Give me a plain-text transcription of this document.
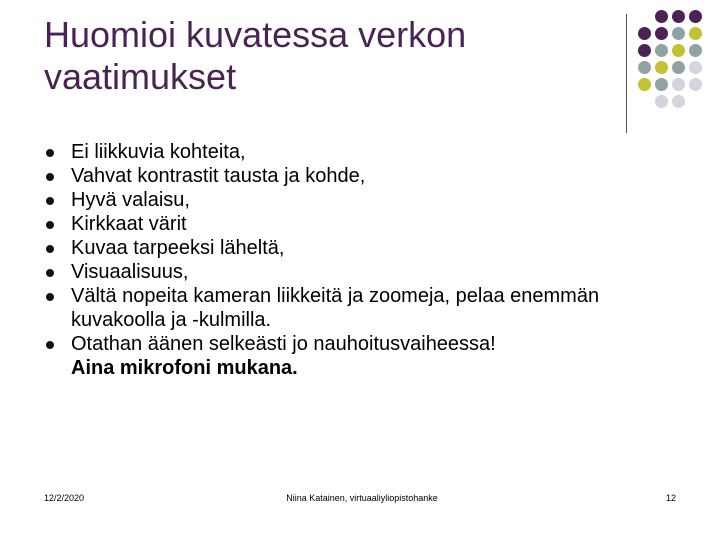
Huomioi kuvatessa verkon
vaatimukset
Ei liikkuvia kohteita,
Vahvat kontrastit tausta ja kohde,
Hyvä valaisu,
Kirkkaat värit
Kuvaa tarpeeksi läheltä,
Visuaalisuus,
Vältä nopeita kameran liikkeitä ja zoomeja, pelaa enemmän kuvakoolla ja -kulmilla.
Otathan äänen selkeästi jo nauhoitusvaiheessa!
Aina mikrofoni mukana.
12/2/2020	Niina Katainen, virtuaaliyliopistohanke	12
